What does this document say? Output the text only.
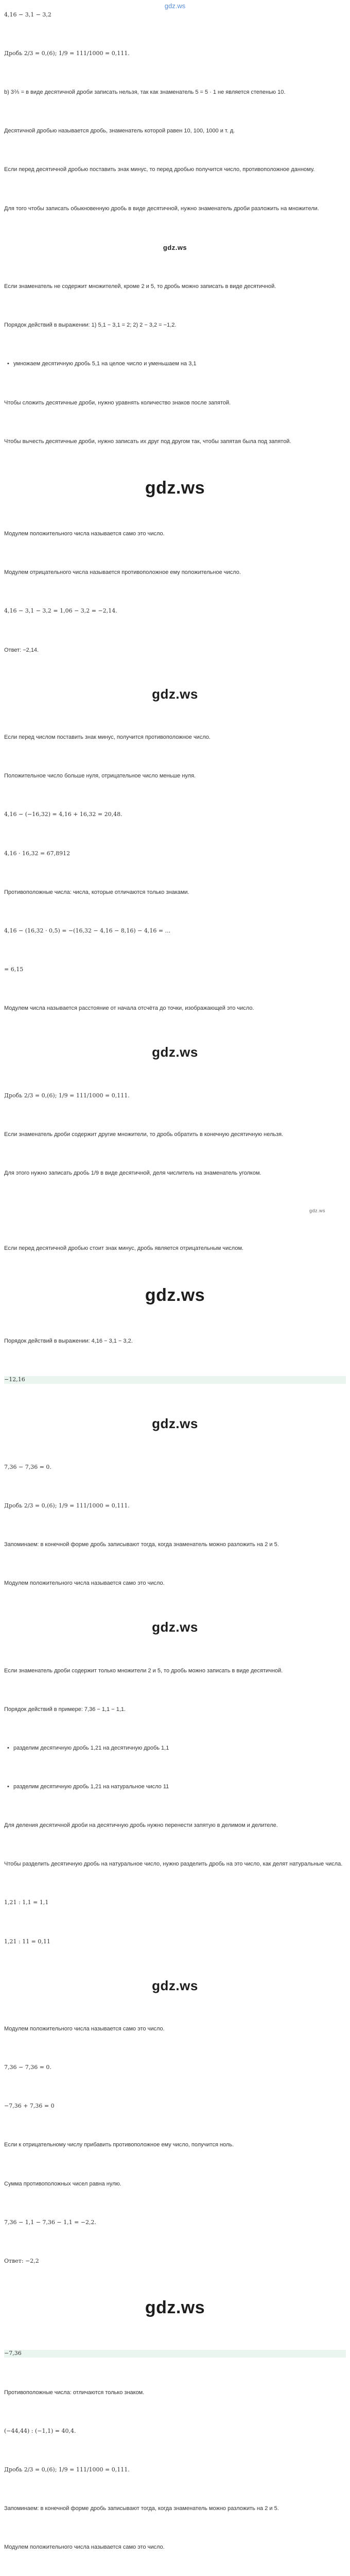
gdz.ws
4,16 − 3,1 − 3,2
Дробь 2/3 = 0,(6); 1/9 = 111/1000 = 0,111.
b) 3⅖ = в виде десятичной дроби записать нельзя, так как знаменатель 5 = 5 · 1 не является степенью 10.
Десятичной дробью называется дробь, знаменатель которой равен 10, 100, 1000 и т. д.
Если перед десятичной дробью поставить знак минус, то перед дробью получится число, противоположное данному.
Для того чтобы записать обыкновенную дробь в виде десятичной, нужно знаменатель дроби разложить на множители.
gdz.ws
Если знаменатель не содержит множителей, кроме 2 и 5, то дробь можно записать в виде десятичной.
Порядок действий в выражении: 1) 5,1 − 3,1 = 2; 2) 2 − 3,2 = −1,2.
• умножаем десятичную дробь 5,1 на целое число и уменьшаем на 3,1
Чтобы сложить десятичные дроби, нужно уравнять количество знаков после запятой.
Чтобы вычесть десятичные дроби, нужно записать их друг под другом так, чтобы запятая была под запятой.
gdz.ws
Модулем положительного числа называется само это число.
Модулем отрицательного числа называется противоположное ему положительное число.
4,16 − 3,1 − 3,2 = 1,06 − 3,2 = −2,14.
Ответ: −2,14.
gdz.ws
Если перед числом поставить знак минус, получится противоположное число.
Положительное число больше нуля, отрицательное число меньше нуля.
4,16 − (−16,32) = 4,16 + 16,32 = 20,48.
4,16 · 16,32 = 67,8912
Противоположные числа: числа, которые отличаются только знаками.
4,16 − (16,32 · 0,5) = −(16,32 − 4,16 − 8,16) − 4,16 = ...
= 6,15
Модулем числа называется расстояние от начала отсчёта до точки, изображающей это число.
gdz.ws
Дробь 2/3 = 0,(6); 1/9 = 111/1000 = 0,111.
Если знаменатель дроби содержит другие множители, то дробь обратить в конечную десятичную нельзя.
Для этого нужно записать дробь 1/9 в виде десятичной, деля числитель на знаменатель уголком.
gdz.ws
Если перед десятичной дробью стоит знак минус, дробь является отрицательным числом.
gdz.ws
Порядок действий в выражении: 4,16 − 3,1 − 3,2.
−12,16
gdz.ws
7,36 − 7,36 = 0.
Дробь 2/3 = 0,(6); 1/9 = 111/1000 = 0,111.
Запоминаем: в конечной форме дробь записывают тогда, когда знаменатель можно разложить на 2 и 5.
Модулем положительного числа называется само это число.
gdz.ws
Если знаменатель дроби содержит только множители 2 и 5, то дробь можно записать в виде десятичной.
Порядок действий в примере: 7,36 − 1,1 − 1,1.
• разделим десятичную дробь 1,21 на десятичную дробь 1,1
• разделим десятичную дробь 1,21 на натуральное число 11
Для деления десятичной дроби на десятичную дробь нужно перенести запятую в делимом и делителе.
Чтобы разделить десятичную дробь на натуральное число, нужно разделить дробь на это число, как делят натуральные числа.
1,21 : 1,1 = 1,1
1,21 : 11 = 0,11
gdz.ws
Модулем положительного числа называется само это число.
7,36 − 7,36 = 0.
−7,36 + 7,36 = 0
Если к отрицательному числу прибавить противоположное ему число, получится ноль.
Сумма противоположных чисел равна нулю.
7,36 − 1,1 − 7,36 − 1,1 = −2,2.
Ответ: −2,2
gdz.ws
−7,36
Противоположные числа: отличаются только знаком.
(−44,44) : (−1,1) = 40,4.
Дробь 2/3 = 0,(6); 1/9 = 111/1000 = 0,111.
Запоминаем: в конечной форме дробь записывают тогда, когда знаменатель можно разложить на 2 и 5.
Модулем положительного числа называется само это число.
